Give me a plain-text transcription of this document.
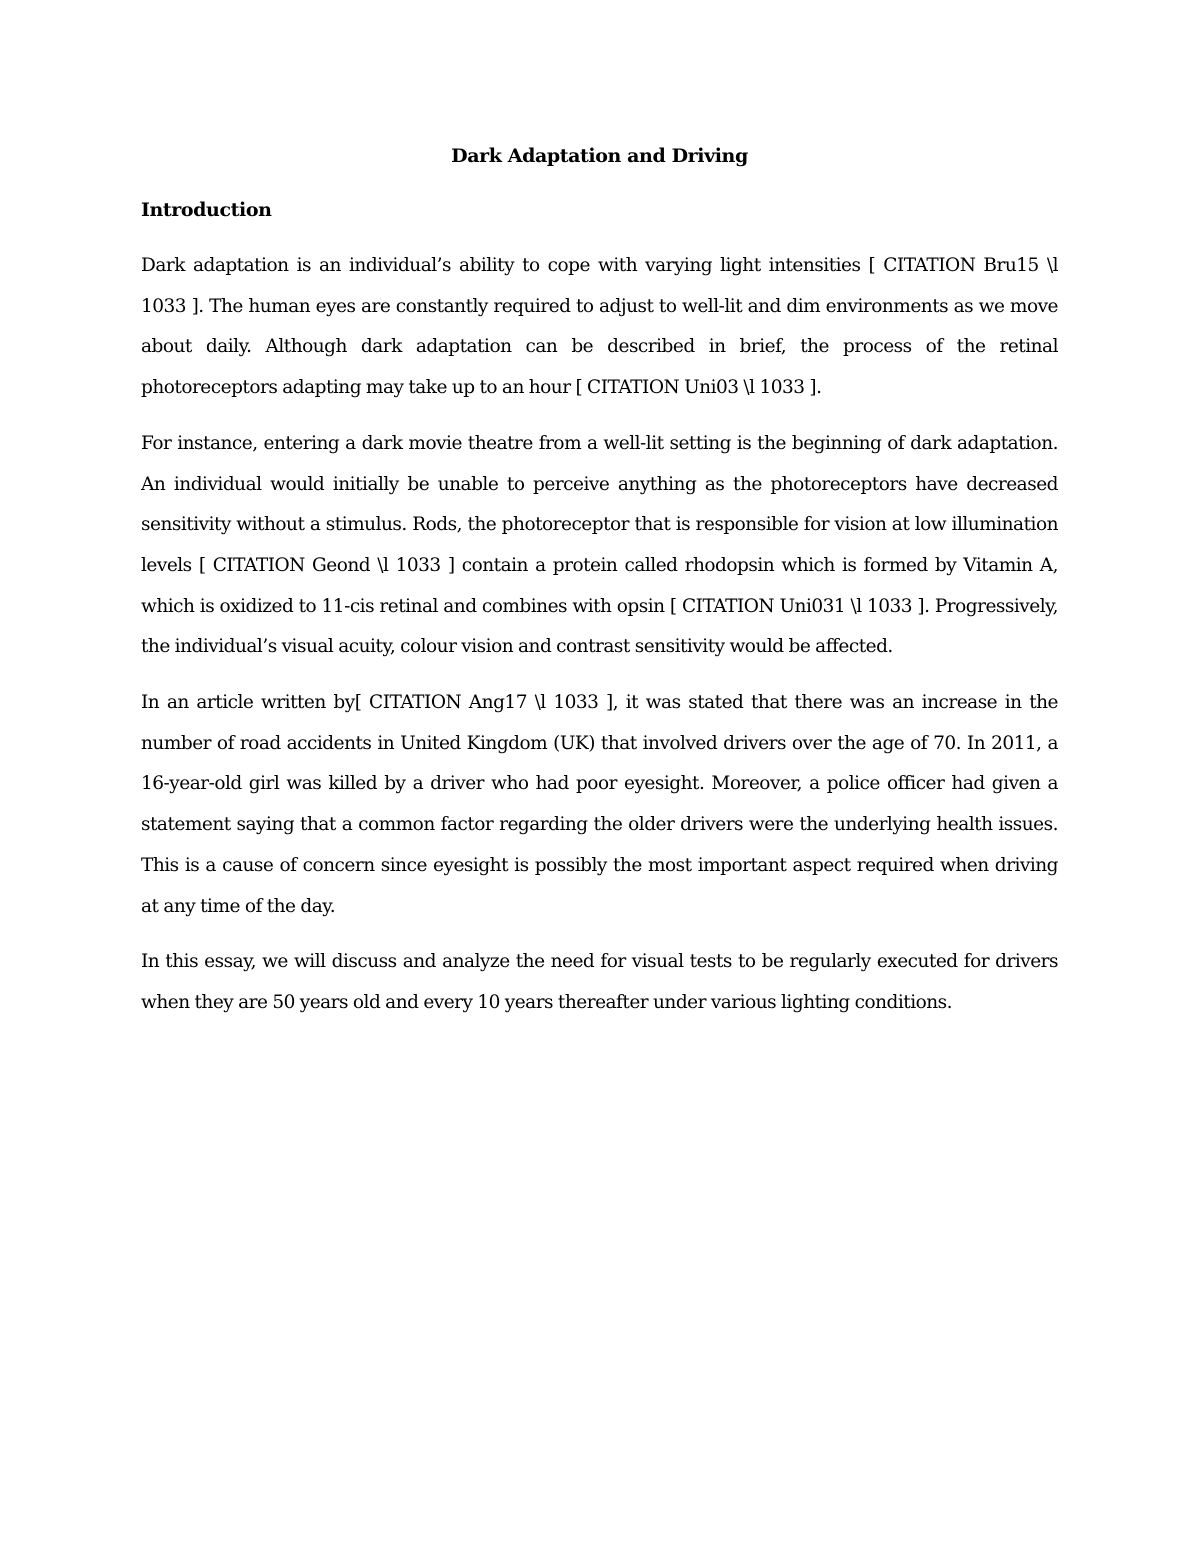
Dark Adaptation and Driving
Introduction

Dark adaptation is an individual’s ability to cope with varying light intensities [ CITATION Bru15 \l 1033 ]. The human eyes are constantly required to adjust to well-lit and dim environments as we move about daily. Although dark adaptation can be described in brief, the process of the retinal photoreceptors adapting may take up to an hour [ CITATION Uni03 \l 1033 ].

For instance, entering a dark movie theatre from a well-lit setting is the beginning of dark adaptation. An individual would initially be unable to perceive anything as the photoreceptors have decreased sensitivity without a stimulus. Rods, the photoreceptor that is responsible for vision at low illumination levels [ CITATION Geond \l 1033 ] contain a protein called rhodopsin which is formed by Vitamin A, which is oxidized to 11-cis retinal and combines with opsin [ CITATION Uni031 \l 1033 ]. Progressively, the individual’s visual acuity, colour vision and contrast sensitivity would be affected.

In an article written by[ CITATION Ang17 \l 1033 ], it was stated that there was an increase in the number of road accidents in United Kingdom (UK) that involved drivers over the age of 70. In 2011, a 16-year-old girl was killed by a driver who had poor eyesight. Moreover, a police officer had given a statement saying that a common factor regarding the older drivers were the underlying health issues. This is a cause of concern since eyesight is possibly the most important aspect required when driving at any time of the day.

In this essay, we will discuss and analyze the need for visual tests to be regularly executed for drivers when they are 50 years old and every 10 years thereafter under various lighting conditions.
